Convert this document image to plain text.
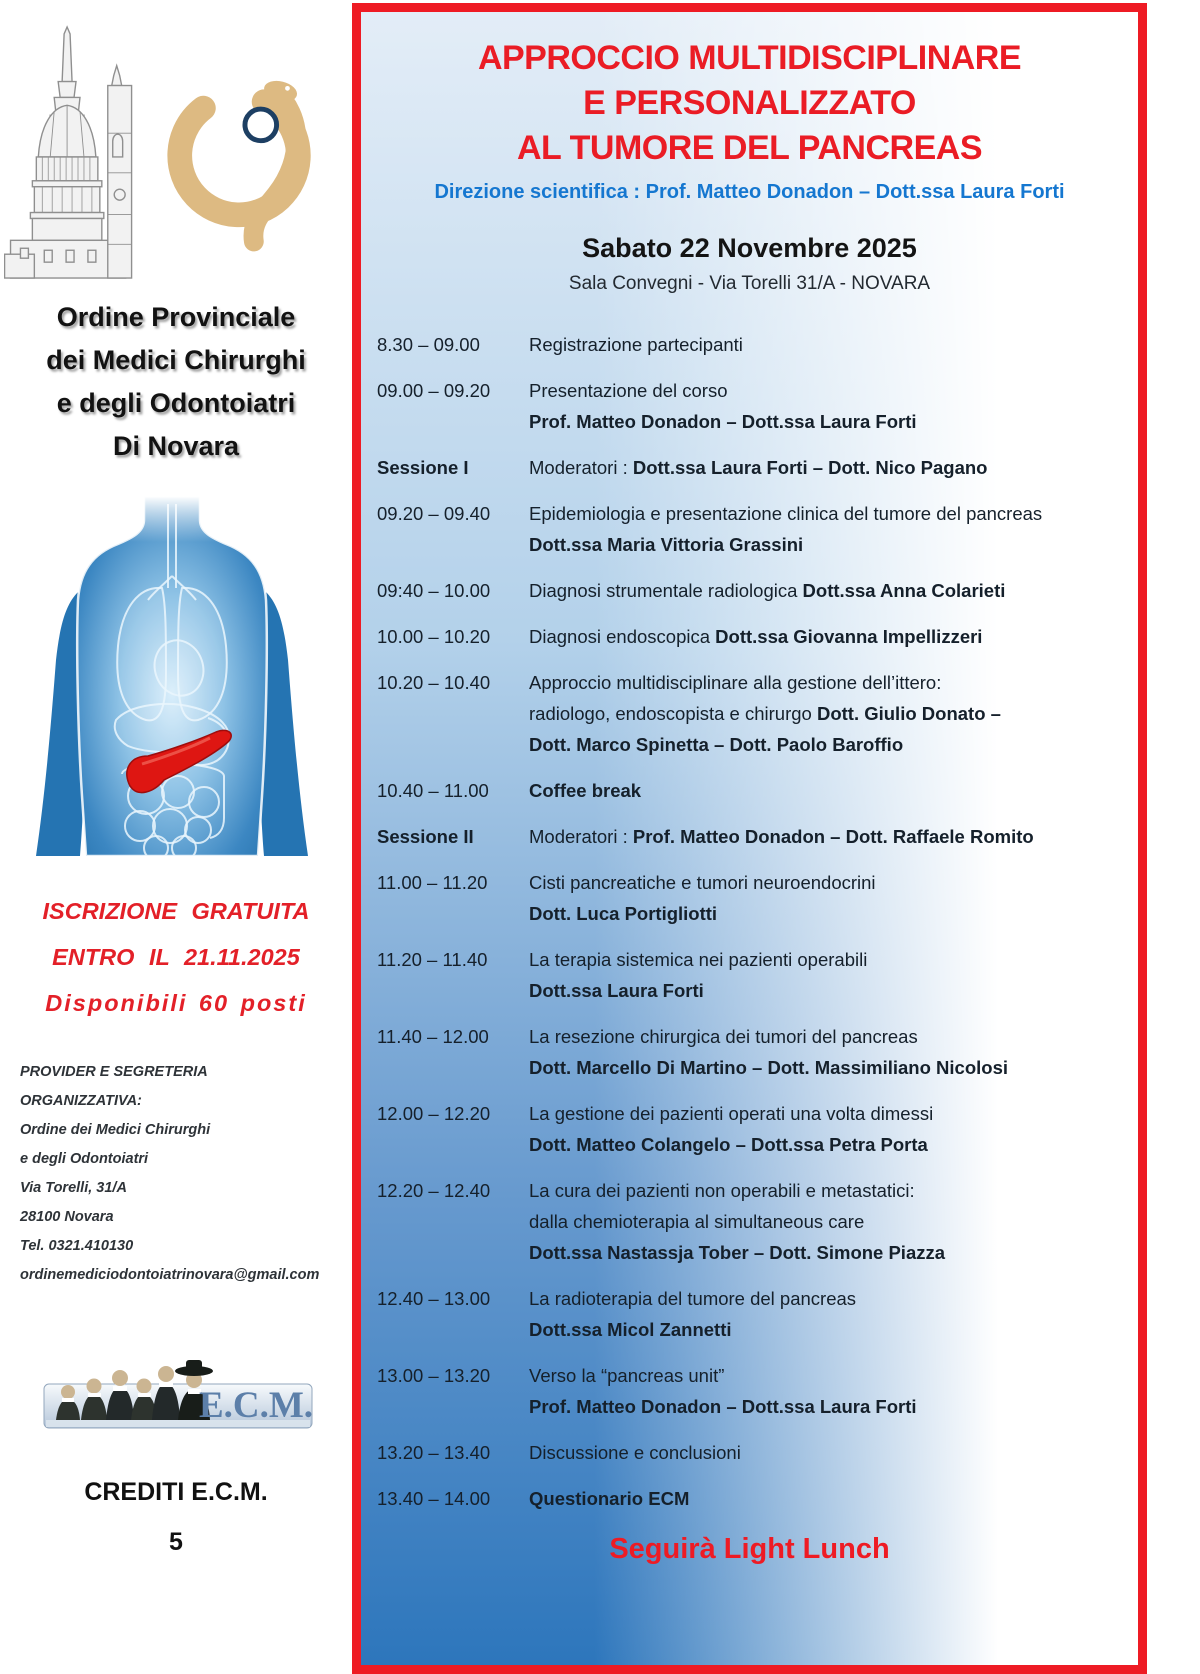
Ordine Provinciale
dei Medici Chirurghi
e degli Odontoiatri
Di Novara
ISCRIZIONE GRATUITA
ENTRO IL 21.11.2025
Disponibili 60 posti
PROVIDER E SEGRETERIA
ORGANIZZATIVA:
Ordine dei Medici Chirurghi
e degli Odontoiatri
Via Torelli, 31/A
28100 Novara
Tel. 0321.410130
ordinemediciodontoiatrinovara@gmail.com
E.C.M.
CREDITI E.C.M.
5
APPROCCIO MULTIDISCIPLINARE
E PERSONALIZZATO
AL TUMORE DEL PANCREAS
Direzione scientifica : Prof. Matteo Donadon – Dott.ssa Laura Forti
Sabato 22 Novembre 2025
Sala Convegni - Via Torelli 31/A - NOVARA
8.30 – 09.00	Registrazione partecipanti
09.00 – 09.20	Presentazione del corso
Prof. Matteo Donadon – Dott.ssa Laura Forti
Sessione I	Moderatori : Dott.ssa Laura Forti – Dott. Nico Pagano
09.20 – 09.40	Epidemiologia e presentazione clinica del tumore del pancreas
Dott.ssa Maria Vittoria Grassini
09:40 – 10.00	Diagnosi strumentale radiologica Dott.ssa Anna Colarieti
10.00 – 10.20	Diagnosi endoscopica Dott.ssa Giovanna Impellizzeri
10.20 – 10.40	Approccio multidisciplinare alla gestione dell’ittero:
radiologo, endoscopista e chirurgo Dott. Giulio Donato –
Dott. Marco Spinetta – Dott. Paolo Baroffio
10.40 – 11.00	Coffee break
Sessione II	Moderatori : Prof. Matteo Donadon – Dott. Raffaele Romito
11.00 – 11.20	Cisti pancreatiche e tumori neuroendocrini
Dott. Luca Portigliotti
11.20 – 11.40	La terapia sistemica nei pazienti operabili
Dott.ssa Laura Forti
11.40 – 12.00	La resezione chirurgica dei tumori del pancreas
Dott. Marcello Di Martino – Dott. Massimiliano Nicolosi
12.00 – 12.20	La gestione dei pazienti operati una volta dimessi
Dott. Matteo Colangelo – Dott.ssa Petra Porta
12.20 – 12.40	La cura dei pazienti non operabili e metastatici:
dalla chemioterapia al simultaneous care
Dott.ssa Nastassja Tober – Dott. Simone Piazza
12.40 – 13.00	La radioterapia del tumore del pancreas
Dott.ssa Micol Zannetti
13.00 – 13.20	Verso la “pancreas unit”
Prof. Matteo Donadon – Dott.ssa Laura Forti
13.20 – 13.40	Discussione e conclusioni
13.40 – 14.00	Questionario ECM
Seguirà Light Lunch
